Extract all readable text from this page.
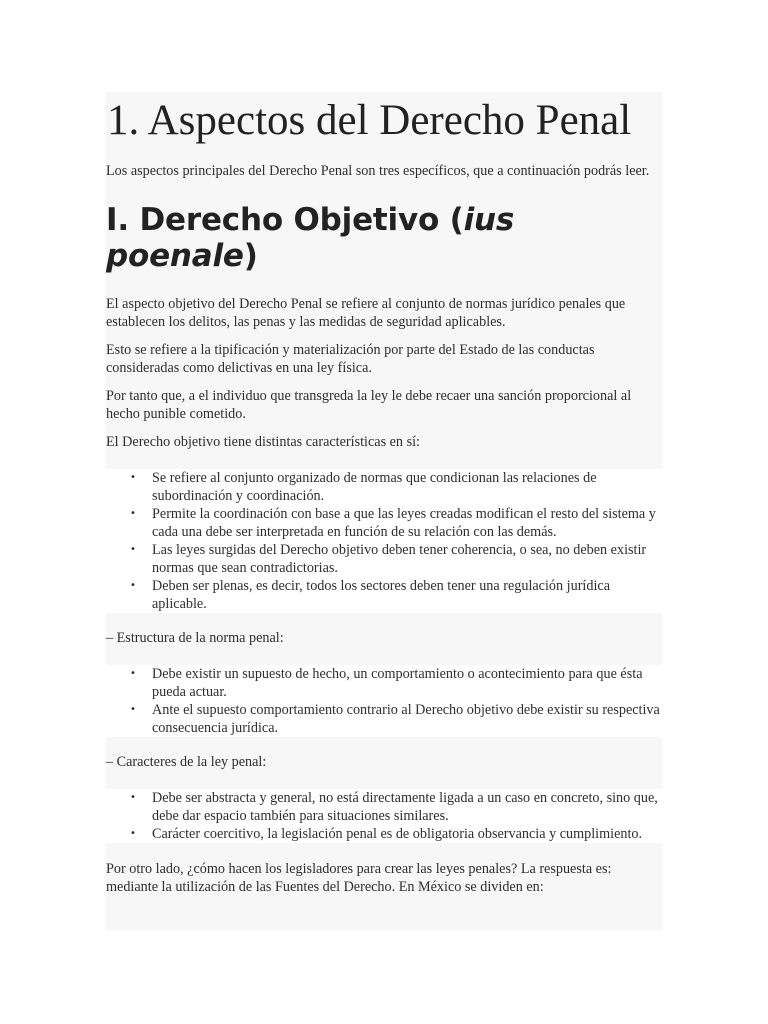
1. Aspectos del Derecho Penal

Los aspectos principales del Derecho Penal son tres específicos, que a continuación podrás leer.

I. Derecho Objetivo (ius poenale)

El aspecto objetivo del Derecho Penal se refiere al conjunto de normas jurídico penales que establecen los delitos, las penas y las medidas de seguridad aplicables.

Esto se refiere a la tipificación y materialización por parte del Estado de las conductas consideradas como delictivas en una ley física.

Por tanto que, a el individuo que transgreda la ley le debe recaer una sanción proporcional al hecho punible cometido.

El Derecho objetivo tiene distintas características en sí:

• Se refiere al conjunto organizado de normas que condicionan las relaciones de subordinación y coordinación.
• Permite la coordinación con base a que las leyes creadas modifican el resto del sistema y cada una debe ser interpretada en función de su relación con las demás.
• Las leyes surgidas del Derecho objetivo deben tener coherencia, o sea, no deben existir normas que sean contradictorias.
• Deben ser plenas, es decir, todos los sectores deben tener una regulación jurídica aplicable.

– Estructura de la norma penal:

• Debe existir un supuesto de hecho, un comportamiento o acontecimiento para que ésta pueda actuar.
• Ante el supuesto comportamiento contrario al Derecho objetivo debe existir su respectiva consecuencia jurídica.

– Caracteres de la ley penal:

• Debe ser abstracta y general, no está directamente ligada a un caso en concreto, sino que, debe dar espacio también para situaciones similares.
• Carácter coercitivo, la legislación penal es de obligatoria observancia y cumplimiento.

Por otro lado, ¿cómo hacen los legisladores para crear las leyes penales? La respuesta es: mediante la utilización de las Fuentes del Derecho. En México se dividen en:
